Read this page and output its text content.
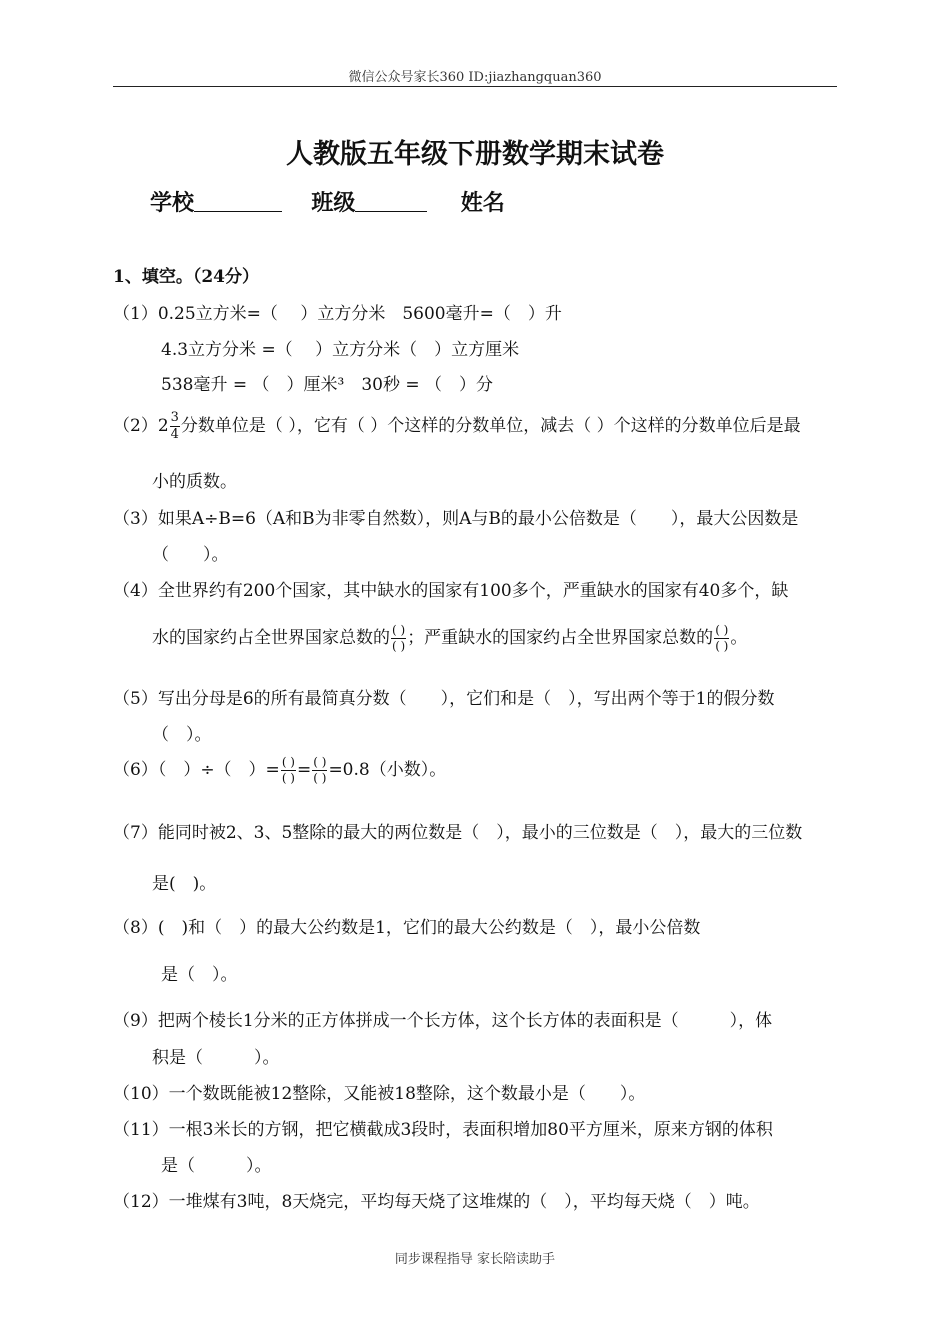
微信公众号家长360 ID:jiazhangquan360
人教版五年级下册数学期末试卷
学校	班级	姓名
1、填空。（24分）
（1）0.25立方米=（　 ）立方分米　5600毫升=（　）升
4.3立方分米 =（　 ）立方分米（　）立方厘米
538毫升 = （　）厘米³　30秒 = （　）分
$(2)2 \frac{3}{4}$ 分数单位是（ ），它有（ ）个这样的分数单位，减去（ ）个这样的分数单位后是最
小的质数。
（3）如果A÷B=6（A和B为非零自然数），则A与B的最小公倍数是（　　），最大公因数是
（　　）。
（4）全世界约有200个国家，其中缺水的国家有100多个，严重缺水的国家有40多个，缺
水的国家约占全世界国家总数的 $\frac{( )}{( )}$ ；严重缺水的国家约占全世界国家总数的 $\frac{( )}{( )}$ 。
（5）写出分母是6的所有最简真分数（　　），它们和是（　），写出两个等于1的假分数
（　）。
（6）（　）÷（　）= $\frac{( )}{( )} = \frac{( )}{( )} =0.8$（小数）。
（7）能同时被2、3、5整除的最大的两位数是（　），最小的三位数是（　），最大的三位数
是(　)。
（8）(　)和（　）的最大公约数是1，它们的最大公约数是（　），最小公倍数
是（　）。
（9）把两个棱长1分米的正方体拼成一个长方体，这个长方体的表面积是（　　　），体
积是（　　　）。
（10）一个数既能被12整除，又能被18整除，这个数最小是（　　）。
（11）一根3米长的方钢，把它横截成3段时，表面积增加80平方厘米，原来方钢的体积
是（　　　）。
（12）一堆煤有3吨，8天烧完，平均每天烧了这堆煤的（　），平均每天烧（　）吨。
同步课程指导 家长陪读助手
